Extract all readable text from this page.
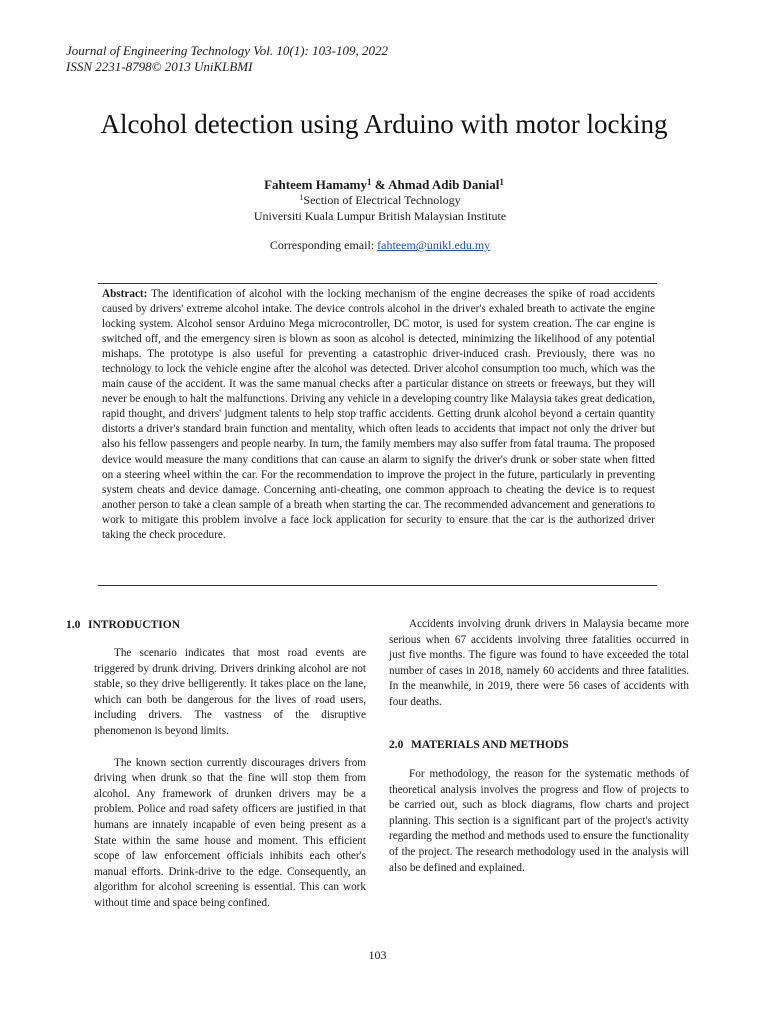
Journal of Engineering Technology Vol. 10(1): 103-109, 2022
ISSN 2231-8798© 2013 UniKLBMI
Alcohol detection using Arduino with motor locking
Fahteem Hamamy$^1$ & Ahmad Adib Danial$^1$
$^1$Section of Electrical Technology
Universiti Kuala Lumpur British Malaysian Institute
Corresponding email: fahteem@unikl.edu.my
Abstract: The identification of alcohol with the locking mechanism of the engine decreases the spike of road accidents caused by drivers' extreme alcohol intake. The device controls alcohol in the driver's exhaled breath to activate the engine locking system. Alcohol sensor Arduino Mega microcontroller, DC motor, is used for system creation. The car engine is switched off, and the emergency siren is blown as soon as alcohol is detected, minimizing the likelihood of any potential mishaps. The prototype is also useful for preventing a catastrophic driver-induced crash. Previously, there was no technology to lock the vehicle engine after the alcohol was detected. Driver alcohol consumption too much, which was the main cause of the accident. It was the same manual checks after a particular distance on streets or freeways, but they will never be enough to halt the malfunctions. Driving any vehicle in a developing country like Malaysia takes great dedication, rapid thought, and drivers' judgment talents to help stop traffic accidents. Getting drunk alcohol beyond a certain quantity distorts a driver's standard brain function and mentality, which often leads to accidents that impact not only the driver but also his fellow passengers and people nearby. In turn, the family members may also suffer from fatal trauma. The proposed device would measure the many conditions that can cause an alarm to signify the driver's drunk or sober state when fitted on a steering wheel within the car. For the recommendation to improve the project in the future, particularly in preventing system cheats and device damage. Concerning anti-cheating, one common approach to cheating the device is to request another person to take a clean sample of a breath when starting the car. The recommended advancement and generations to work to mitigate this problem involve a face lock application for security to ensure that the car is the authorized driver taking the check procedure.
1.0 INTRODUCTION

The scenario indicates that most road events are triggered by drunk driving. Drivers drinking alcohol are not stable, so they drive belligerently. It takes place on the lane, which can both be dangerous for the lives of road users, including drivers. The vastness of the disruptive phenomenon is beyond limits.

The known section currently discourages drivers from driving when drunk so that the fine will stop them from alcohol. Any framework of drunken drivers may be a problem. Police and road safety officers are justified in that humans are innately incapable of even being present as a State within the same house and moment. This efficient scope of law enforcement officials inhibits each other's manual efforts. Drink-drive to the edge. Consequently, an algorithm for alcohol screening is essential. This can work without time and space being confined.

Accidents involving drunk drivers in Malaysia became more serious when 67 accidents involving three fatalities occurred in just five months. The figure was found to have exceeded the total number of cases in 2018, namely 60 accidents and three fatalities. In the meanwhile, in 2019, there were 56 cases of accidents with four deaths.

2.0 MATERIALS AND METHODS

For methodology, the reason for the systematic methods of theoretical analysis involves the progress and flow of projects to be carried out, such as block diagrams, flow charts and project planning. This section is a significant part of the project's activity regarding the method and methods used to ensure the functionality of the project. The research methodology used in the analysis will also be defined and explained.

103
